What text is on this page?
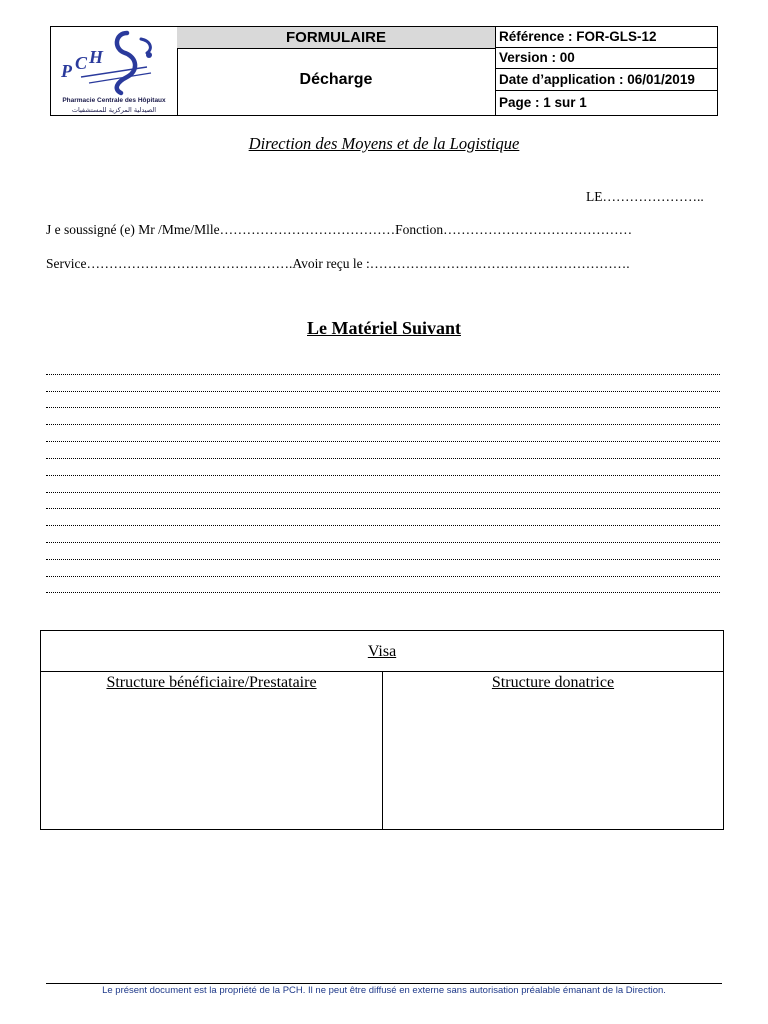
P C H
Pharmacie Centrale des Hôpitaux
الصيدلية المركزية للمستشفيات
FORMULAIRE
Décharge
Référence : FOR-GLS-12
Version : 00
Date d’application : 06/01/2019
Page : 1 sur 1
Direction des Moyens et de la Logistique
LE…………………..
J e soussigné (e) Mr /Mme/Mlle…………………………………Fonction……………………………………
Service……………………………………….Avoir reçu le :………………………………………………….
Le Matériel Suivant
Visa
Structure bénéficiaire/Prestataire	Structure donatrice
Le présent document est la propriété de la PCH. Il ne peut être diffusé en externe sans autorisation préalable émanant de la Direction.
